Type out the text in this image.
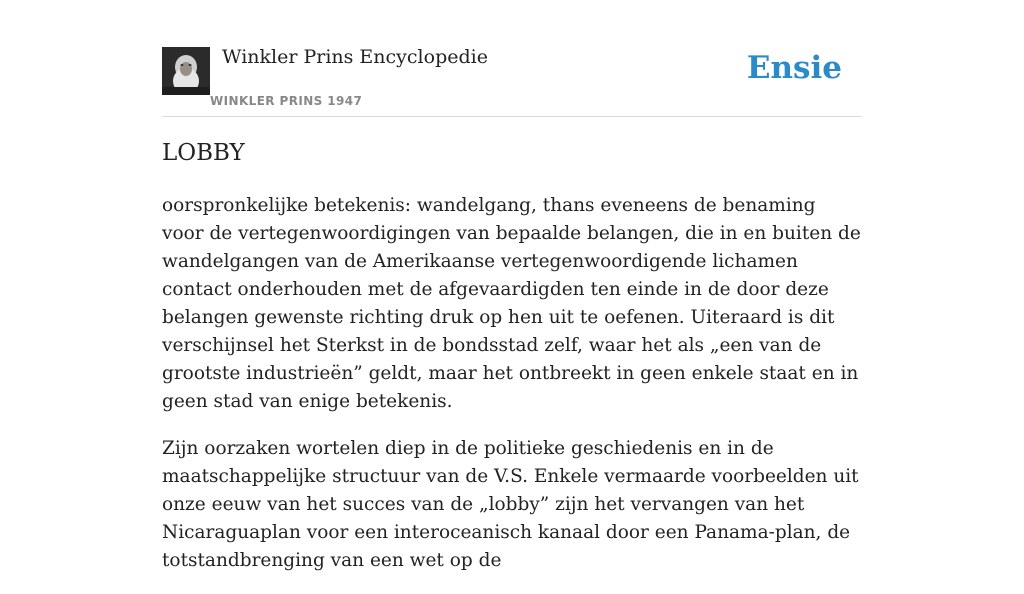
Winkler Prins Encyclopedie
WINKLER PRINS 1947
Ensie
LOBBY

oorspronkelijke betekenis: wandelgang, thans eveneens de benaming voor de vertegenwoordigingen van bepaalde belangen, die in en buiten de wandelgangen van de Amerikaanse vertegenwoordigende lichamen contact onderhouden met de afgevaardigden ten einde in de door deze belangen gewenste richting druk op hen uit te oefenen. Uiteraard is dit verschijnsel het Sterkst in de bondsstad zelf, waar het als „een van de grootste industrieën” geldt, maar het ontbreekt in geen enkele staat en in geen stad van enige betekenis.

Zijn oorzaken wortelen diep in de politieke geschiedenis en in de maatschappelijke structuur van de V.S. Enkele vermaarde voorbeelden uit onze eeuw van het succes van de „lobby” zijn het vervangen van het Nicaraguaplan voor een interoceanisch kanaal door een Panama-plan, de totstandbrenging van een wet op de
